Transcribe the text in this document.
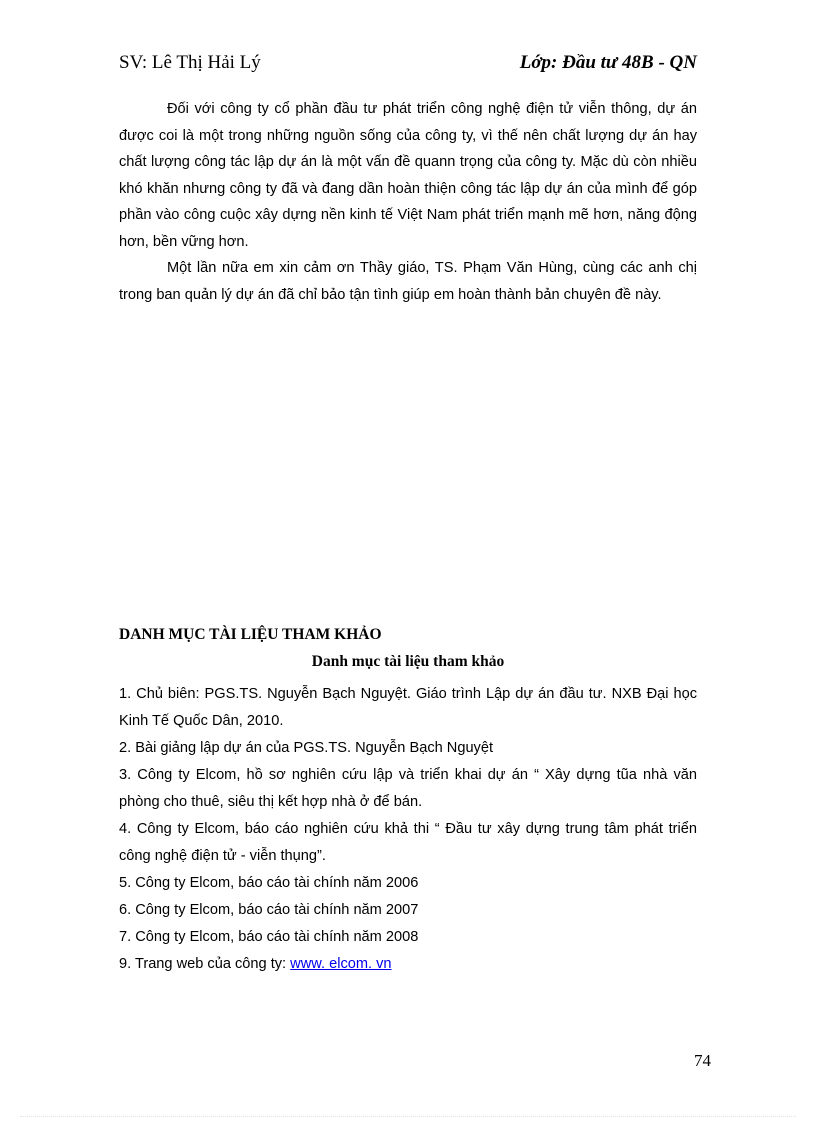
SV: Lê Thị Hải Lý	Lớp: Đầu tư 48B - QN

Đối với công ty cổ phần đầu tư phát triển công nghệ điện tử viễn thông, dự án được coi là một trong những nguồn sống của công ty, vì thế nên chất lượng dự án hay chất lượng công tác lập dự án là một vấn đề quann trọng của công ty. Mặc dù còn nhiều khó khăn nhưng công ty đã và đang dần hoàn thiện công tác lập dự án của mình để góp phần vào công cuộc xây dựng nền kinh tế Việt Nam phát triển mạnh mẽ hơn, năng động hơn, bền vững hơn.

Một lần nữa em xin cảm ơn Thầy giáo, TS. Phạm Văn Hùng, cùng các anh chị trong ban quản lý dự án đã chỉ bảo tận tình giúp em hoàn thành bản chuyên đề này.

DANH MỤC TÀI LIỆU THAM KHẢO
Danh mục tài liệu tham khảo

1. Chủ biên: PGS.TS. Nguyễn Bạch Nguyệt. Giáo trình Lập dự án đầu tư. NXB Đại học Kinh Tế Quốc Dân, 2010.

2. Bài giảng lập dự án của PGS.TS. Nguyễn Bạch Nguyệt

3. Công ty Elcom, hồ sơ nghiên cứu lập và triển khai dự án “ Xây dựng tũa nhà văn phòng cho thuê, siêu thị kết hợp nhà ở để bán.

4. Công ty Elcom, báo cáo nghiên cứu khả thi “ Đầu tư xây dựng trung tâm phát triển công nghệ điện tử - viễn thụng”.

5. Công ty Elcom, báo cáo tài chính năm 2006

6. Công ty Elcom, báo cáo tài chính năm 2007

7. Công ty Elcom, báo cáo tài chính năm 2008

9. Trang web của công ty: www. elcom. vn

74
